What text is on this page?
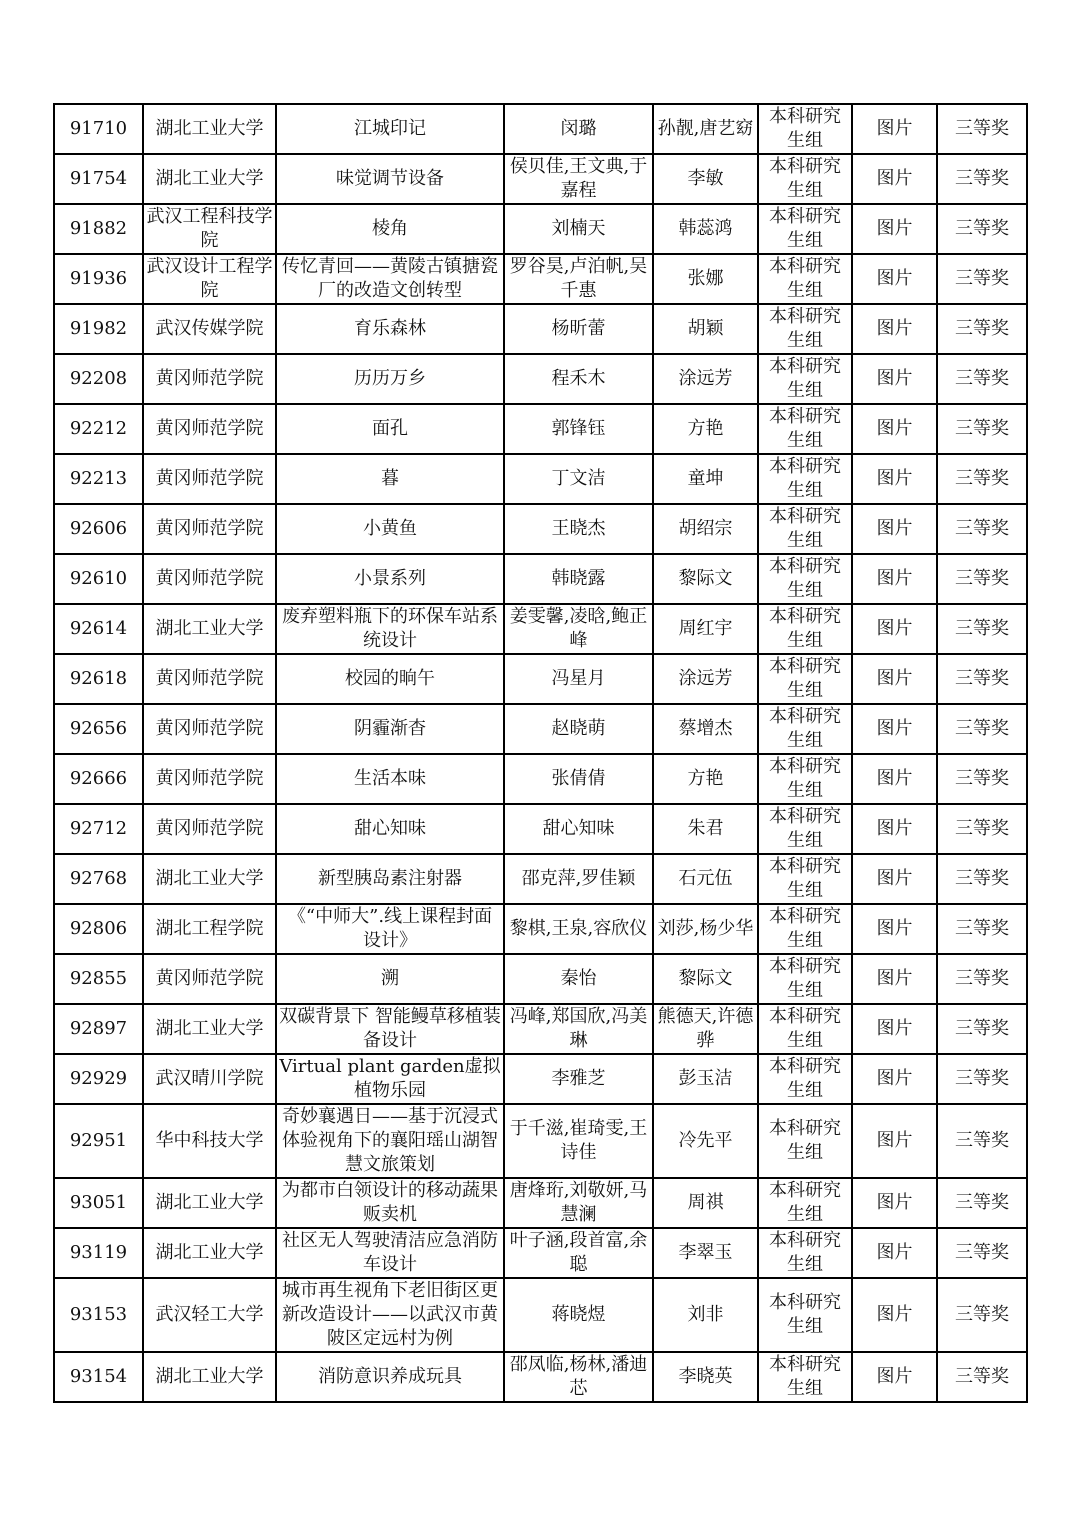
91710	湖北工业大学	江城印记	闵璐	孙靓,唐艺窈	本科研究生组	图片	三等奖
91754	湖北工业大学	味觉调节设备	侯贝佳,王文典,于嘉程	李敏	本科研究生组	图片	三等奖
91882	武汉工程科技学院	棱角	刘楠天	韩蕊鸿	本科研究生组	图片	三等奖
91936	武汉设计工程学院	传忆青回——黄陵古镇搪瓷厂的改造文创转型	罗谷昊,卢泊帆,吴千惠	张娜	本科研究生组	图片	三等奖
91982	武汉传媒学院	育乐森林	杨昕蕾	胡颖	本科研究生组	图片	三等奖
92208	黄冈师范学院	历历万乡	程禾木	涂远芳	本科研究生组	图片	三等奖
92212	黄冈师范学院	面孔	郭锋钰	方艳	本科研究生组	图片	三等奖
92213	黄冈师范学院	暮	丁文洁	童坤	本科研究生组	图片	三等奖
92606	黄冈师范学院	小黄鱼	王晓杰	胡绍宗	本科研究生组	图片	三等奖
92610	黄冈师范学院	小景系列	韩晓露	黎际文	本科研究生组	图片	三等奖
92614	湖北工业大学	废弃塑料瓶下的环保车站系统设计	姜雯馨,凌晗,鲍正峰	周红宇	本科研究生组	图片	三等奖
92618	黄冈师范学院	校园的晌午	冯星月	涂远芳	本科研究生组	图片	三等奖
92656	黄冈师范学院	阴霾渐杳	赵晓萌	蔡增杰	本科研究生组	图片	三等奖
92666	黄冈师范学院	生活本味	张倩倩	方艳	本科研究生组	图片	三等奖
92712	黄冈师范学院	甜心知味	甜心知味	朱君	本科研究生组	图片	三等奖
92768	湖北工业大学	新型胰岛素注射器	邵克萍,罗佳颖	石元伍	本科研究生组	图片	三等奖
92806	湖北工程学院	《“中师大”.线上课程封面设计》	黎棋,王泉,容欣仪	刘莎,杨少华	本科研究生组	图片	三等奖
92855	黄冈师范学院	溯	秦怡	黎际文	本科研究生组	图片	三等奖
92897	湖北工业大学	双碳背景下 智能鳗草移植装备设计	冯峰,郑国欣,冯美琳	熊德天,许德骅	本科研究生组	图片	三等奖
92929	武汉晴川学院	Virtual plant garden虚拟植物乐园	李雅芝	彭玉洁	本科研究生组	图片	三等奖
92951	华中科技大学	奇妙襄遇日——基于沉浸式体验视角下的襄阳瑶山湖智慧文旅策划	于千滋,崔琦雯,王诗佳	冷先平	本科研究生组	图片	三等奖
93051	湖北工业大学	为都市白领设计的移动蔬果贩卖机	唐烽珩,刘敬妍,马慧澜	周祺	本科研究生组	图片	三等奖
93119	湖北工业大学	社区无人驾驶清洁应急消防车设计	叶子涵,段首富,余聪	李翠玉	本科研究生组	图片	三等奖
93153	武汉轻工大学	城市再生视角下老旧街区更新改造设计——以武汉市黄陂区定远村为例	蒋晓煜	刘非	本科研究生组	图片	三等奖
93154	湖北工业大学	消防意识养成玩具	邵凤临,杨林,潘迪芯	李晓英	本科研究生组	图片	三等奖
